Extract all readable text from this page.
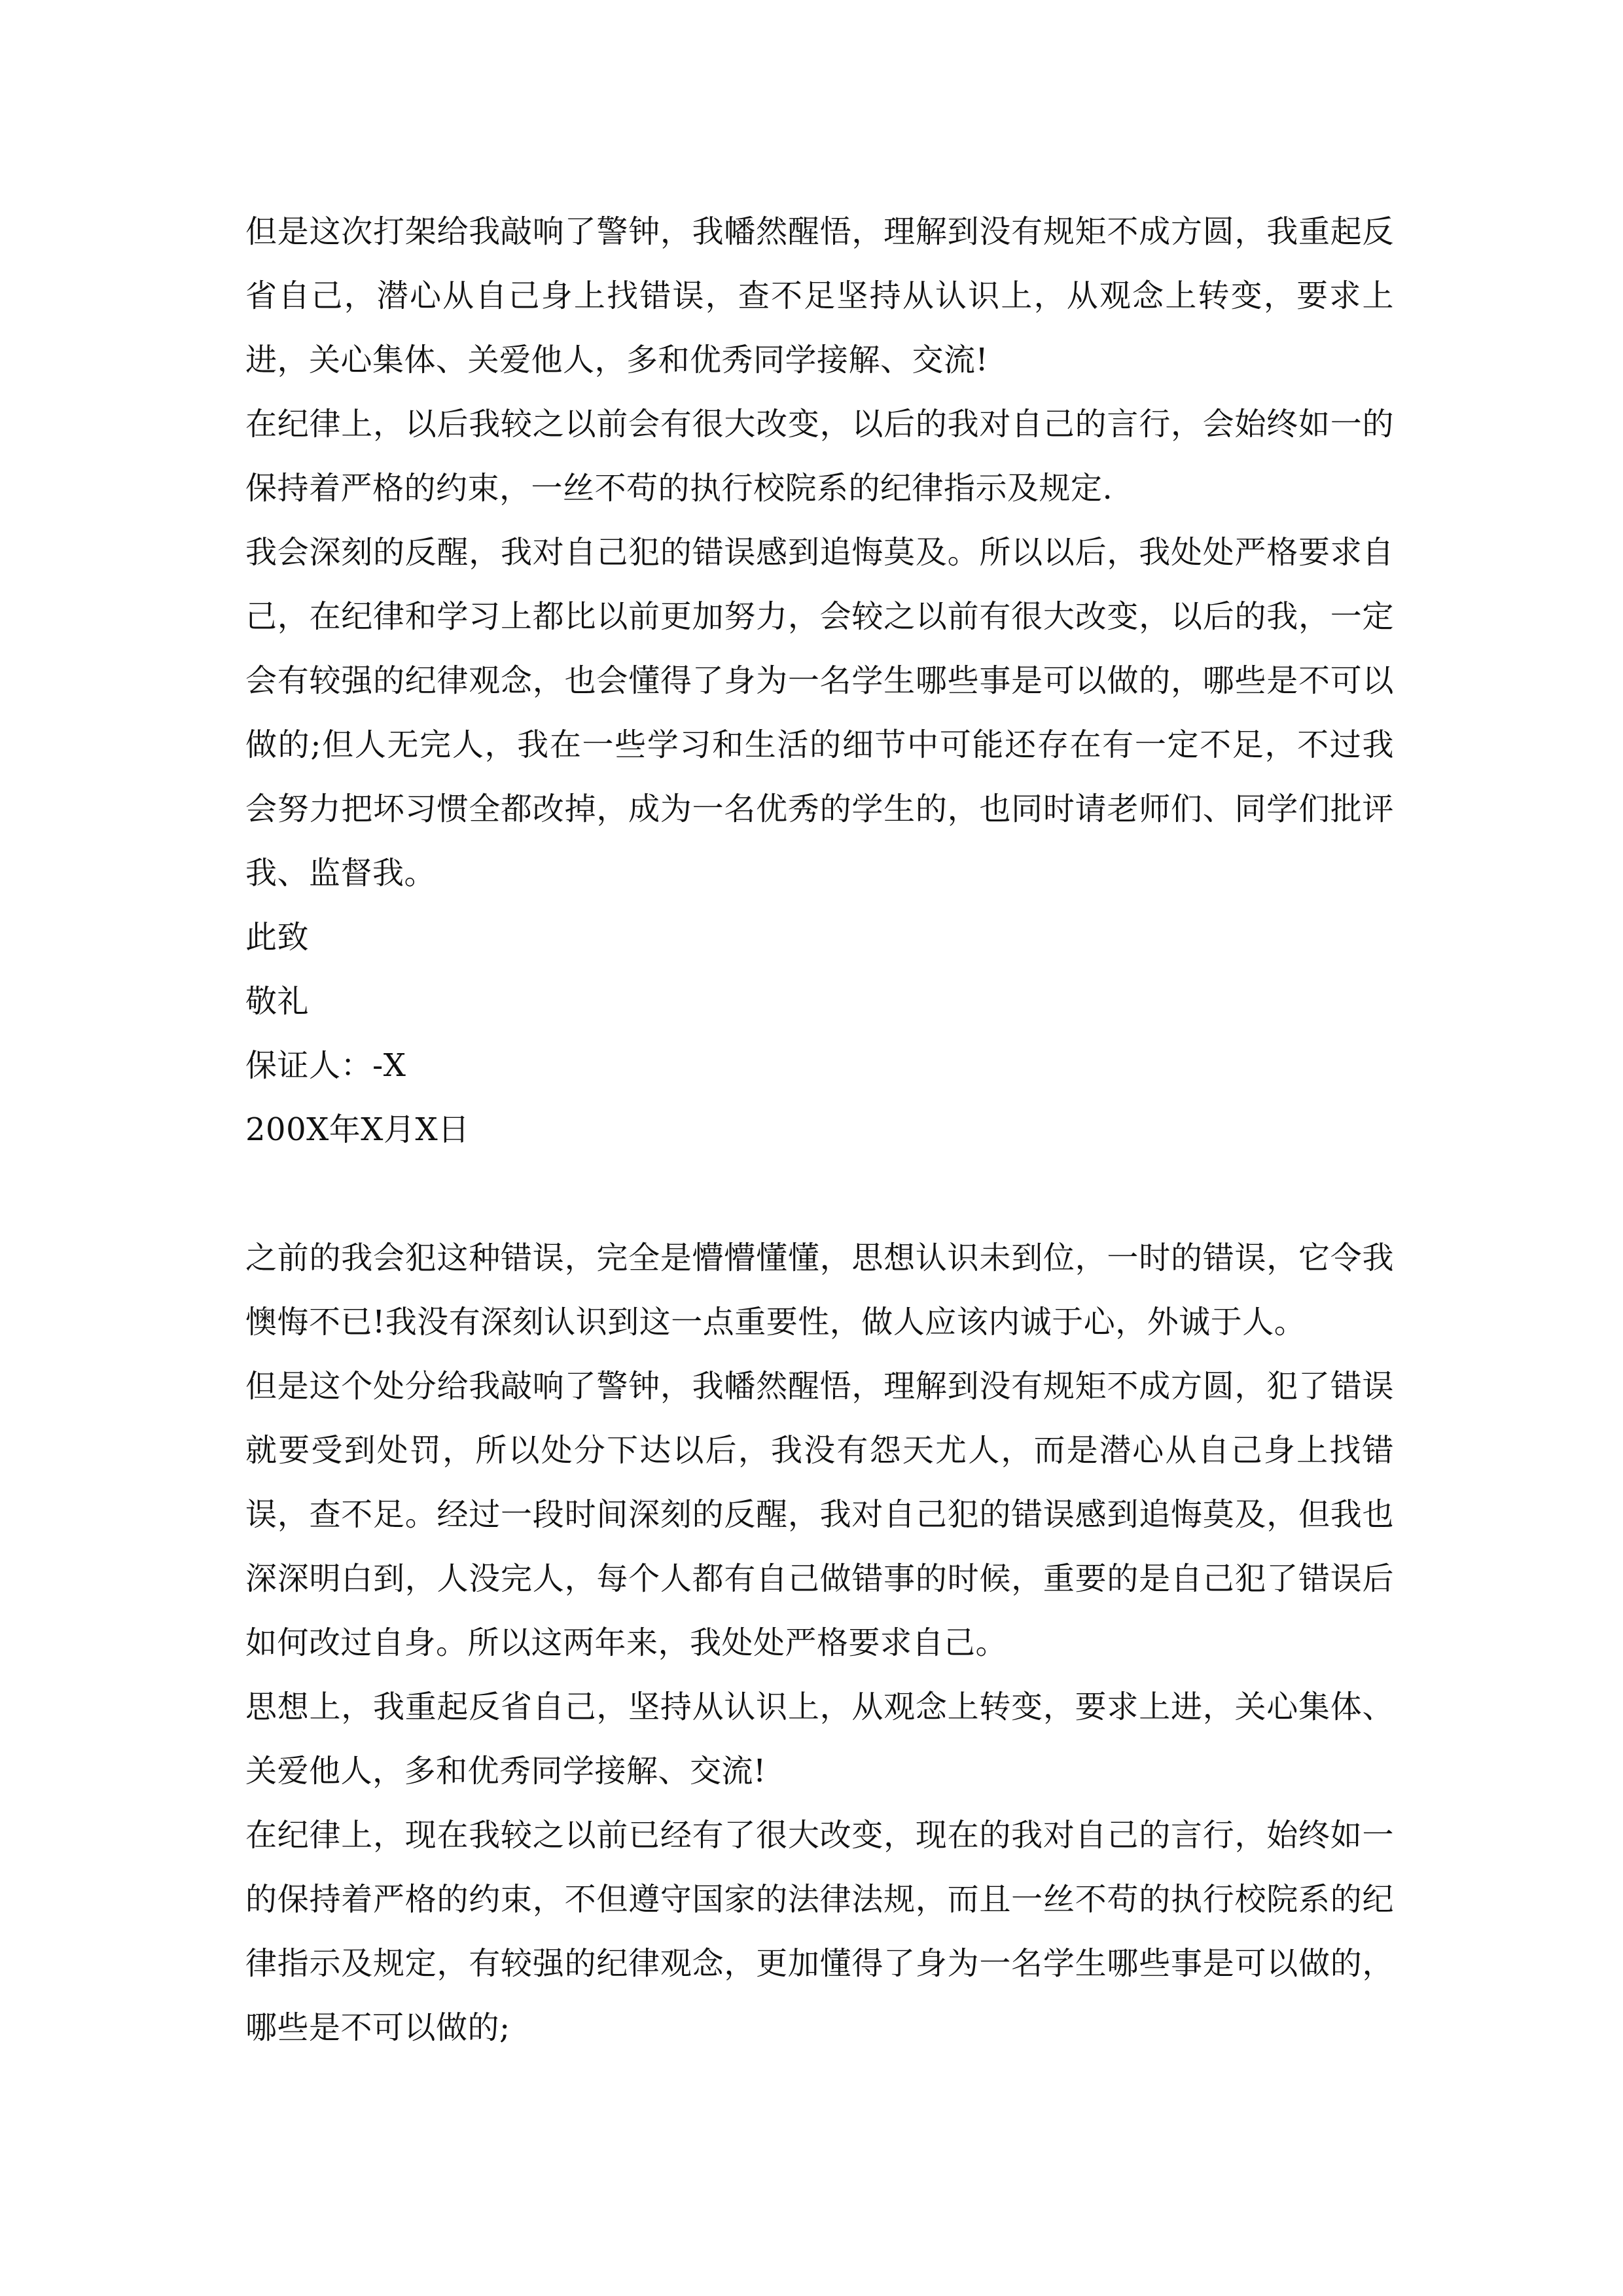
但是这次打架给我敲响了警钟，我幡然醒悟，理解到没有规矩不成方圆，我重起反省自己，潜心从自己身上找错误，查不足坚持从认识上，从观念上转变，要求上进，关心集体、关爱他人，多和优秀同学接解、交流!

在纪律上，以后我较之以前会有很大改变，以后的我对自己的言行，会始终如一的保持着严格的约束，一丝不苟的执行校院系的纪律指示及规定.

我会深刻的反醒，我对自己犯的错误感到追悔莫及。所以以后，我处处严格要求自己，在纪律和学习上都比以前更加努力，会较之以前有很大改变，以后的我，一定会有较强的纪律观念，也会懂得了身为一名学生哪些事是可以做的，哪些是不可以做的;但人无完人，我在一些学习和生活的细节中可能还存在有一定不足，不过我会努力把坏习惯全都改掉，成为一名优秀的学生的，也同时请老师们、同学们批评我、监督我。

此致

敬礼

保证人：-X

200X年X月X日

之前的我会犯这种错误，完全是懵懵懂懂，思想认识未到位，一时的错误，它令我懊悔不已!我没有深刻认识到这一点重要性，做人应该内诚于心，外诚于人。

但是这个处分给我敲响了警钟，我幡然醒悟，理解到没有规矩不成方圆，犯了错误就要受到处罚，所以处分下达以后，我没有怨天尤人，而是潜心从自己身上找错误，查不足。经过一段时间深刻的反醒，我对自己犯的错误感到追悔莫及，但我也深深明白到，人没完人，每个人都有自己做错事的时候，重要的是自己犯了错误后如何改过自身。所以这两年来，我处处严格要求自己。

思想上，我重起反省自己，坚持从认识上，从观念上转变，要求上进，关心集体、关爱他人，多和优秀同学接解、交流!

在纪律上，现在我较之以前已经有了很大改变，现在的我对自己的言行，始终如一的保持着严格的约束，不但遵守国家的法律法规，而且一丝不苟的执行校院系的纪律指示及规定，有较强的纪律观念，更加懂得了身为一名学生哪些事是可以做的，哪些是不可以做的;
